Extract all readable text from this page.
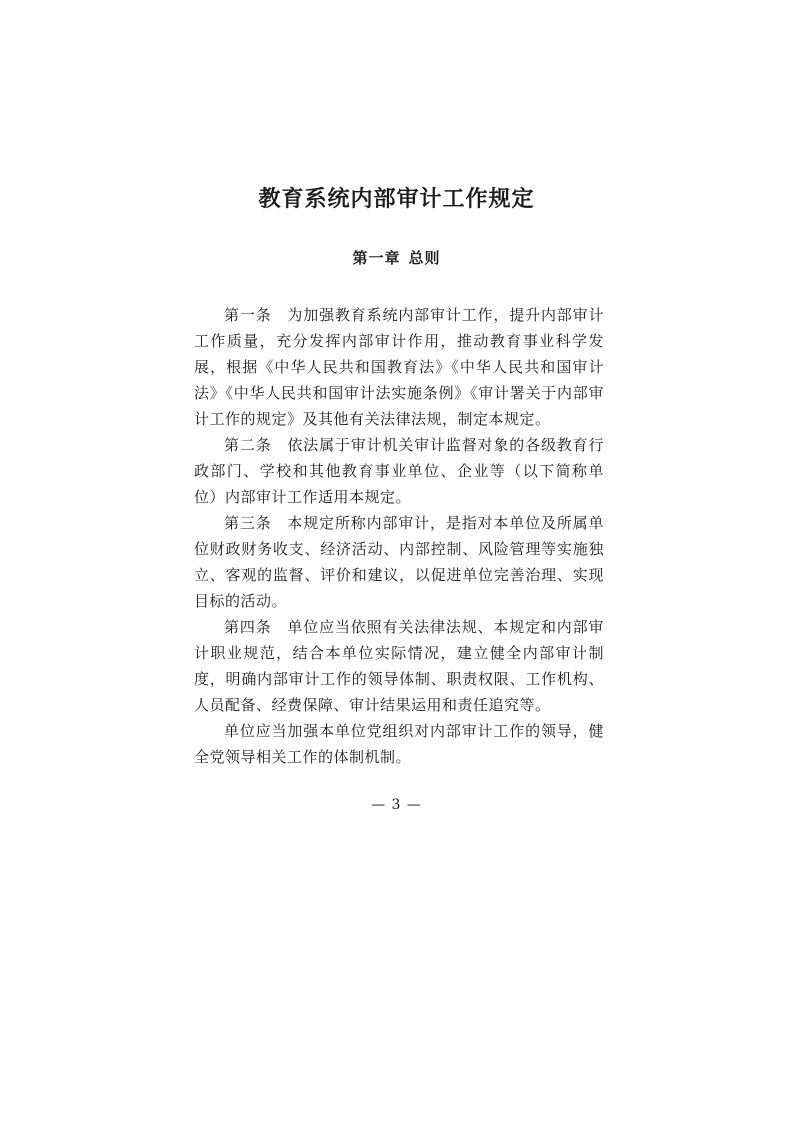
教育系统内部审计工作规定
第一章 总则

第一条　 为加强教育系统内部审计工作，提升内部审计工作质量，充分发挥内部审计作用，推动教育事业科学发展，根据《中华人民共和国教育法》《中华人民共和国审计法》《中华人民共和国审计法实施条例》《审计署关于内部审计工作的规定》及其他有关法律法规，制定本规定。

第二条　 依法属于审计机关审计监督对象的各级教育行政部门、学校和其他教育事业单位、企业等（以下简称单位）内部审计工作适用本规定。

第三条　 本规定所称内部审计，是指对本单位及所属单位财政财务收支、经济活动、内部控制、风险管理等实施独立、客观的监督、评价和建议，以促进单位完善治理、实现目标的活动。

第四条　 单位应当依照有关法律法规、本规定和内部审计职业规范，结合本单位实际情况，建立健全内部审计制度，明确内部审计工作的领导体制、职责权限、工作机构、人员配备、经费保障、审计结果运用和责任追究等。

单位应当加强本单位党组织对内部审计工作的领导，健全党领导相关工作的体制机制。

— 3 —
